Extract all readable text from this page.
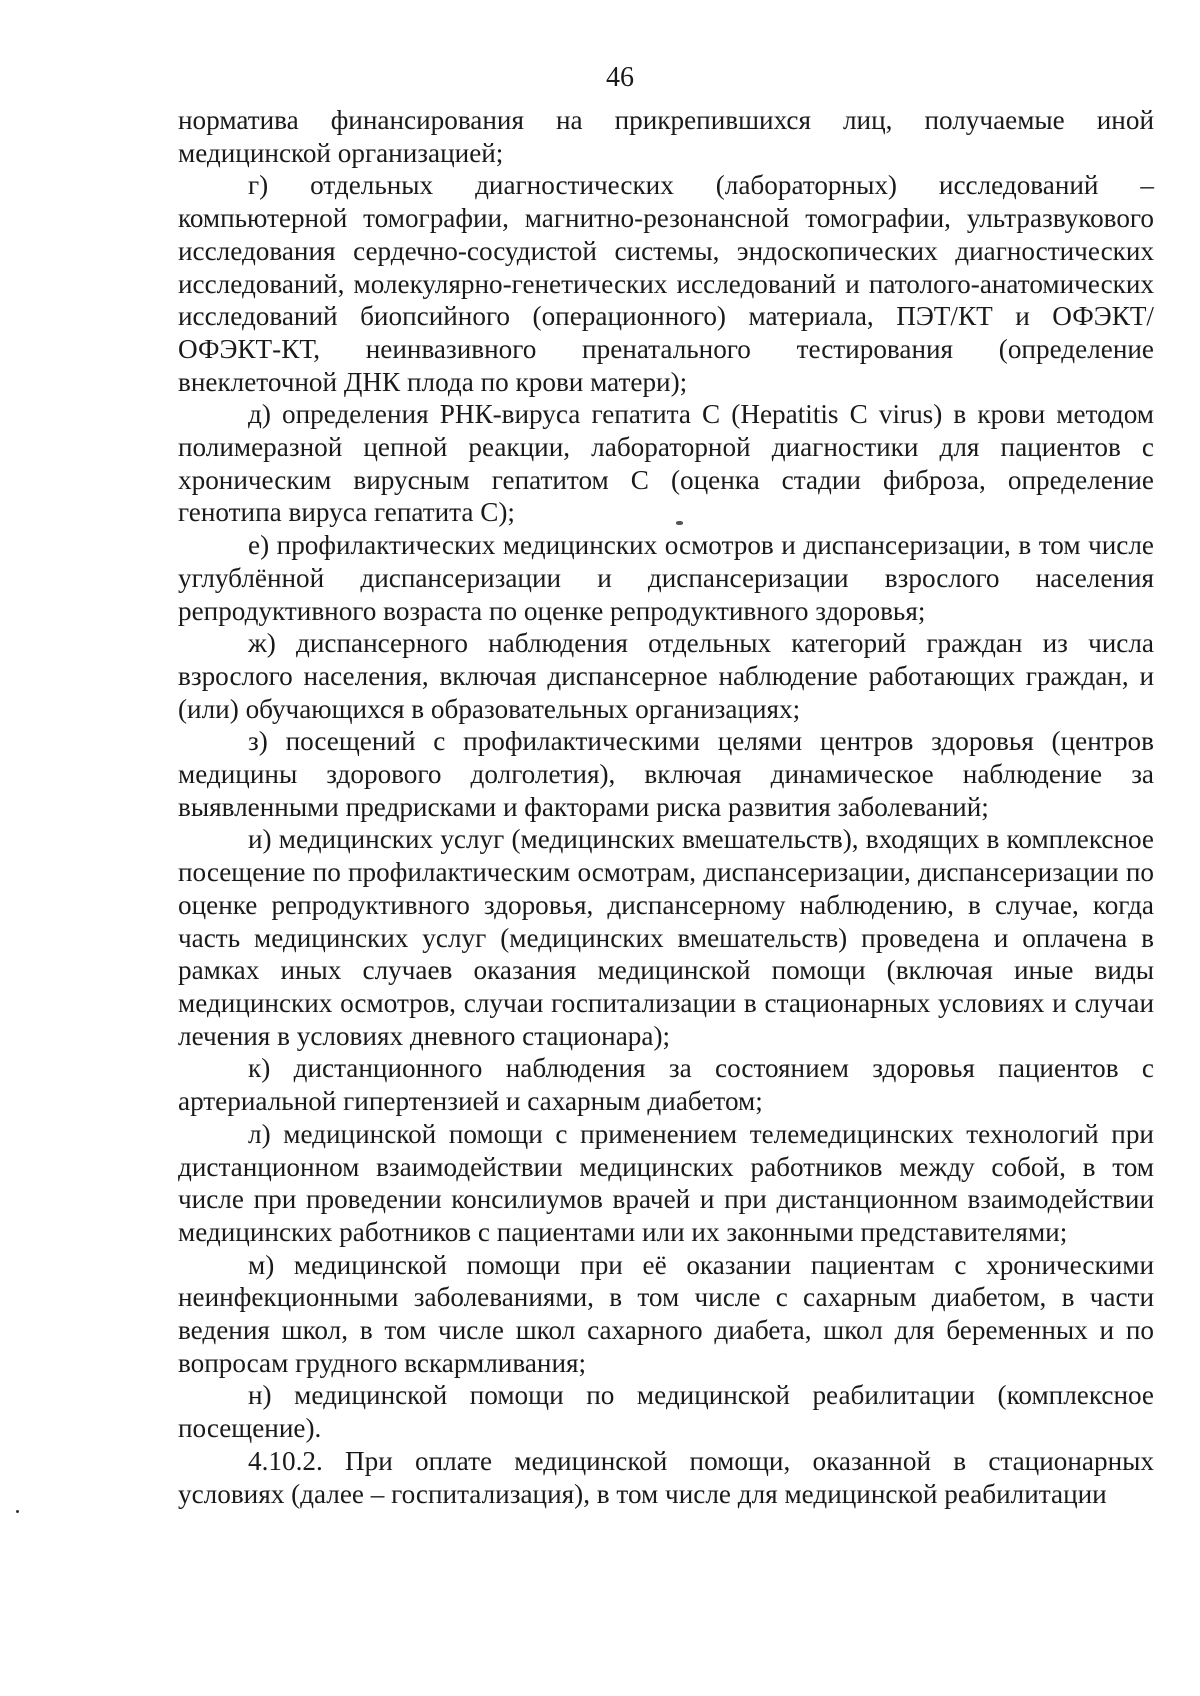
46

норматива финансирования на прикрепившихся лиц, получаемые иной медицинской организацией;

г) отдельных диагностических (лабораторных) исследований – компьютерной томографии, магнитно-резонансной томографии, ультразвукового исследования сердечно-сосудистой системы, эндоскопических диагностических исследований, молекулярно-генетических исследований и патолого-анатомических исследований биопсийного (операционного) материала, ПЭТ/КТ и ОФЭКТ/ОФЭКТ-КТ, неинвазивного пренатального тестирования (определение внеклеточной ДНК плода по крови матери);

д) определения РНК-вируса гепатита C (Hepatitis C virus) в крови методом полимеразной цепной реакции, лабораторной диагностики для пациентов с хроническим вирусным гепатитом C (оценка стадии фиброза, определение генотипа вируса гепатита C);

е) профилактических медицинских осмотров и диспансеризации, в том числе углублённой диспансеризации и диспансеризации взрослого населения репродуктивного возраста по оценке репродуктивного здоровья;

ж) диспансерного наблюдения отдельных категорий граждан из числа взрослого населения, включая диспансерное наблюдение работающих граждан, и (или) обучающихся в образовательных организациях;

з) посещений с профилактическими целями центров здоровья (центров медицины здорового долголетия), включая динамическое наблюдение за выявленными предрисками и факторами риска развития заболеваний;

и) медицинских услуг (медицинских вмешательств), входящих в комплексное посещение по профилактическим осмотрам, диспансеризации, диспансеризации по оценке репродуктивного здоровья, диспансерному наблюдению, в случае, когда часть медицинских услуг (медицинских вмешательств) проведена и оплачена в рамках иных случаев оказания медицинской помощи (включая иные виды медицинских осмотров, случаи госпитализации в стационарных условиях и случаи лечения в условиях дневного стационара);

к) дистанционного наблюдения за состоянием здоровья пациентов с артериальной гипертензией и сахарным диабетом;

л) медицинской помощи с применением телемедицинских технологий при дистанционном взаимодействии медицинских работников между собой, в том числе при проведении консилиумов врачей и при дистанционном взаимодействии медицинских работников с пациентами или их законными представителями;

м) медицинской помощи при её оказании пациентам с хроническими неинфекционными заболеваниями, в том числе с сахарным диабетом, в части ведения школ, в том числе школ сахарного диабета, школ для беременных и по вопросам грудного вскармливания;

н) медицинской помощи по медицинской реабилитации (комплексное посещение).

4.10.2. При оплате медицинской помощи, оказанной в стационарных условиях (далее – госпитализация), в том числе для медицинской реабилитации
